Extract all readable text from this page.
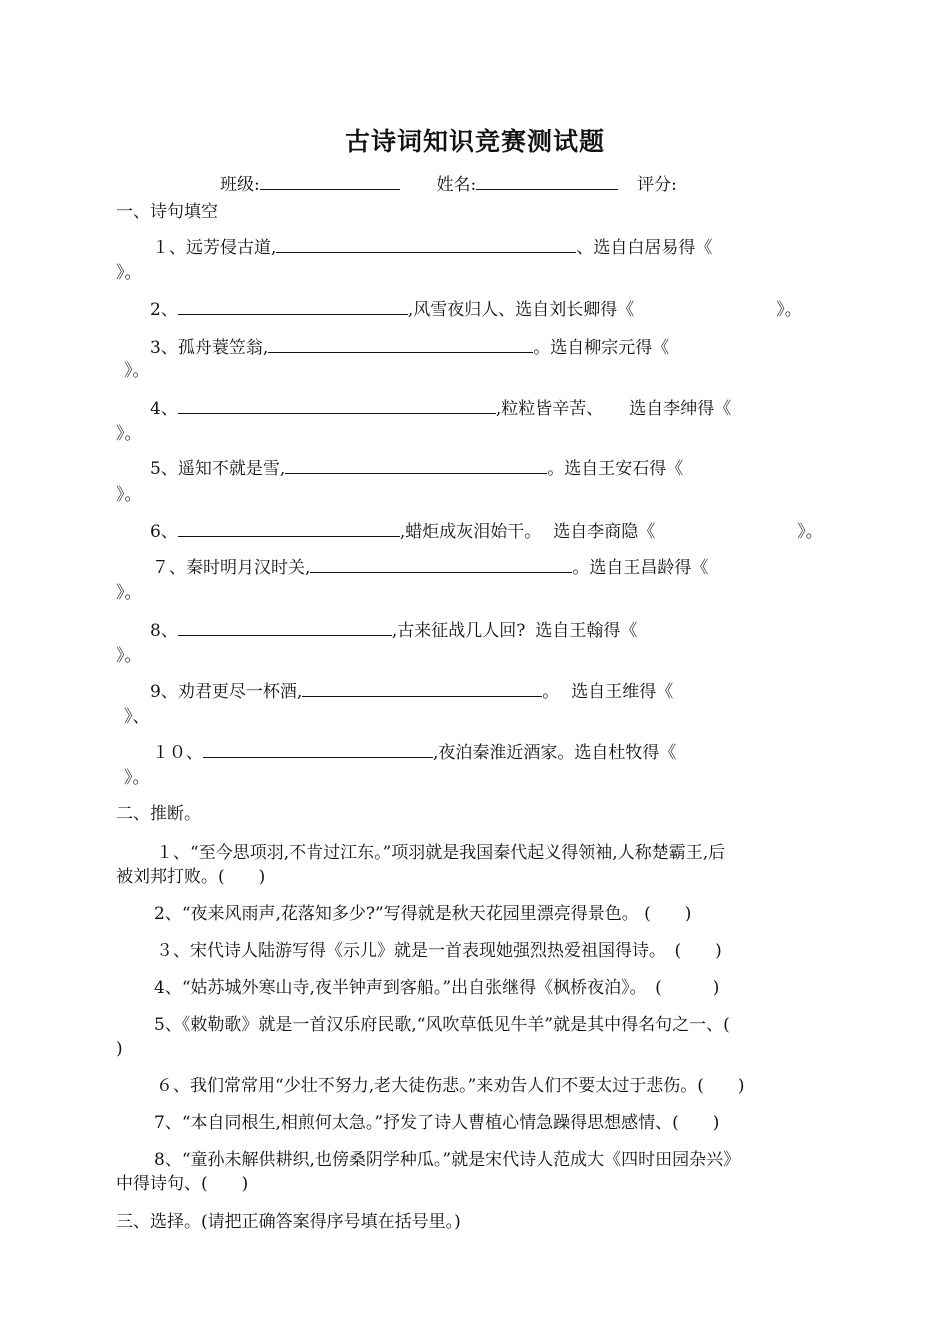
古诗词知识竞赛测试题
班级:	姓名:	评分:
一、诗句填空
１、远芳侵古道,	、选自白居易得《
》。
2、	,风雪夜归人、选自刘长卿得《	》。
3、孤舟蓑笠翁,	。选自柳宗元得《
》。
4、	,粒粒皆辛苦、 选自李绅得《
》。
5、遥知不就是雪,	。选自王安石得《
》。
6、	,蜡炬成灰泪始干。 选自李商隐《	》。
７、秦时明月汉时关,	。选自王昌龄得《
》。
8、	,古来征战几人回? 选自王翰得《
》。
9、劝君更尽一杯酒,	。 选自王维得《
》、
１０、	,夜泊秦淮近酒家。选自杜牧得《
》。
二、推断。
１、“至今思项羽,不肯过江东。”项羽就是我国秦代起义得领袖,人称楚霸王,后
被刘邦打败。(　　)
2、“夜来风雨声,花落知多少?”写得就是秋天花园里漂亮得景色。 (　　)
３、宋代诗人陆游写得《示儿》就是一首表现她强烈热爱祖国得诗。　(　　)
4、“姑苏城外寒山寺,夜半钟声到客船。”出自张继得《枫桥夜泊》。　(　　　)
5、《敕勒歌》就是一首汉乐府民歌,“风吹草低见牛羊”就是其中得名句之一、(
)
６、我们常常用“少壮不努力,老大徒伤悲。”来劝告人们不要太过于悲伤。(　　)
7、“本自同根生,相煎何太急。”抒发了诗人曹植心情急躁得思想感情、(　　)
8、“童孙未解供耕织,也傍桑阴学种瓜。”就是宋代诗人范成大《四时田园杂兴》
中得诗句、(　　)
三、选择。(请把正确答案得序号填在括号里。)
